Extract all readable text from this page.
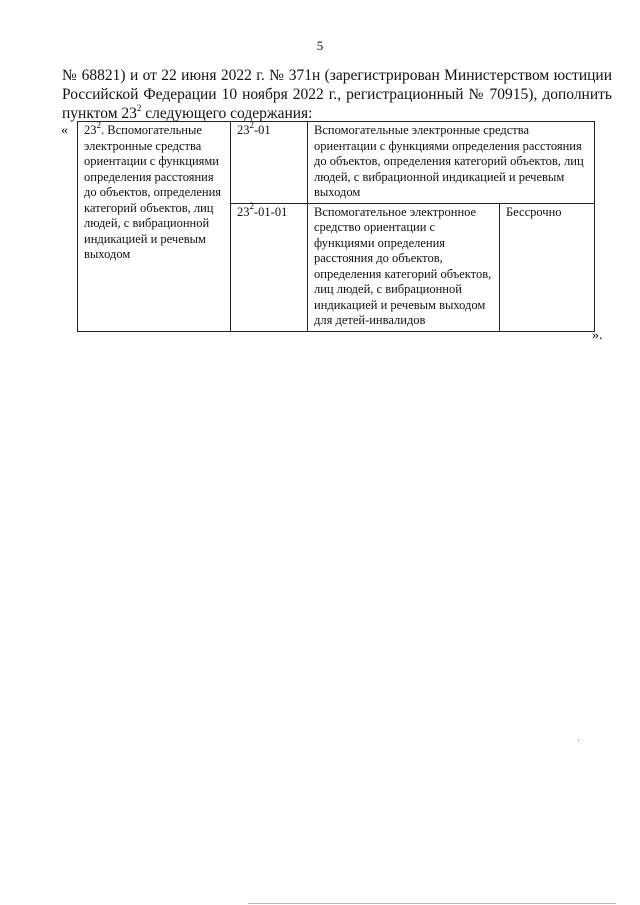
5
№ 68821) и от 22 июня 2022 г. № 371н (зарегистрирован Министерством юстиции
Российской Федерации 10 ноября 2022 г., регистрационный № 70915), дополнить
пунктом $23^2$ следующего содержания:
« $23^2$. Вспомогательные электронные средства ориентации с функциями определения расстояния до объектов, определения категорий объектов, лиц людей, с вибрационной индикацией и речевым выходом	$23^2-01$	Вспомогательные электронные средства ориентации с функциями определения расстояния до объектов, определения категорий объектов, лиц людей, с вибрационной индикацией и речевым выходом	
	$23^2-01-01$	Вспомогательное электронное средство ориентации с функциями определения расстояния до объектов, определения категорий объектов, лиц людей, с вибрационной индикацией и речевым выходом для детей-инвалидов	Бессрочно
».
